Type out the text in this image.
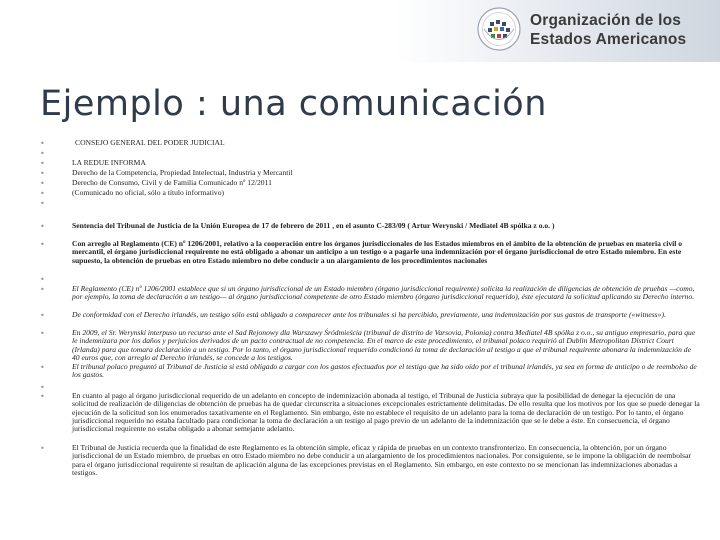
Organización de los
Estados Americanos
Ejemplo : una comunicación
•	CONSEJO GENERAL DEL PODER JUDICIAL
•
•	LA REDUE INFORMA
•	Derecho de la Competencia, Propiedad Intelectual, Industria y Mercantil
•	Derecho de Consumo, Civil y de Familia Comunicado nº 12/2011
•	(Comunicado no oficial, sólo a título informativo)
•
•	Sentencia del Tribunal de Justicia de la Unión Europea de 17 de febrero de 2011 , en el asunto C-283/09 ( Artur Werynski / Mediatel 4B spólka z o.o. )
•	Con arreglo al Reglamento (CE) nº 1206/2001, relativo a la cooperación entre los órganos jurisdiccionales de los Estados miembros en el ámbito de la obtención de pruebas en materia civil o mercantil, el órgano jurisdiccional requirente no está obligado a abonar un anticipo a un testigo o a pagarle una indemnización por el órgano jurisdiccional de otro Estado miembro. En este supuesto, la obtención de pruebas en otro Estado miembro no debe conducir a un alargamiento de los procedimientos nacionales
•
•	El Reglamento (CE) nº 1206/2001 establece que si un órgano jurisdiccional de un Estado miembro (órgano jurisdiccional requirente) solicita la realización de diligencias de obtención de pruebas —como, por ejemplo, la toma de declaración a un testigo— al órgano jurisdiccional competente de otro Estado miembro (órgano jurisdiccional requerido), éste ejecutará la solicitud aplicando su Derecho interno.
•	De conformidad con el Derecho irlandés, un testigo sólo está obligado a comparecer ante los tribunales si ha percibido, previamente, una indemnización por sus gastos de transporte («witness»).
•	En 2009, el Sr. Werynski interpuso un recurso ante el Sad Rejonowy dla Warszawy Śródmieścia (tribunal de distrito de Varsovia, Polonia) contra Mediatel 4B spólka z o.o., su antiguo empresario, para que le indemnizara por los daños y perjuicios derivados de un pacto contractual de no competencia. En el marco de este procedimiento, el tribunal polaco requirió al Dublin Metropolitan District Court (Irlanda) para que tomara declaración a un testigo. Por lo tanto, el órgano jurisdiccional requerido condicionó la toma de declaración al testigo a que el tribunal requirente abonara la indemnización de 40 euros que, con arreglo al Derecho irlandés, se concede a los testigos.
•	El tribunal polaco preguntó al Tribunal de Justicia si está obligado a cargar con los gastos efectuados por el testigo que ha sido oído por el tribunal irlandés, ya sea en forma de anticipo o de reembolso de los gastos.
•
•	En cuanto al pago al órgano jurisdiccional requerido de un adelanto en concepto de indemnización abonada al testigo, el Tribunal de Justicia subraya que la posibilidad de denegar la ejecución de una solicitud de realización de diligencias de obtención de pruebas ha de quedar circunscrita a situaciones excepcionales estrictamente delimitadas. De ello resulta que los motivos por los que se puede denegar la ejecución de la solicitud son los enumerados taxativamente en el Reglamento. Sin embargo, éste no establece el requisito de un adelanto para la toma de declaración de un testigo. Por lo tanto, el órgano jurisdiccional requerido no estaba facultado para condicionar la toma de declaración a un testigo al pago previo de un adelanto de la indemnización que se le debe a éste. En consecuencia, el órgano jurisdiccional requirente no estaba obligado a abonar semejante adelanto.
•	El Tribunal de Justicia recuerda que la finalidad de este Reglamento es la obtención simple, eficaz y rápida de pruebas en un contexto transfronterizo. En consecuencia, la obtención, por un órgano jurisdiccional de un Estado miembro, de pruebas en otro Estado miembro no debe conducir a un alargamiento de los procedimientos nacionales. Por consiguiente, se le impone la obligación de reembolsar para el órgano jurisdiccional requirente si resultan de aplicación alguna de las excepciones previstas en el Reglamento. Sin embargo, en este contexto no se mencionan las indemnizaciones abonadas a testigos.
